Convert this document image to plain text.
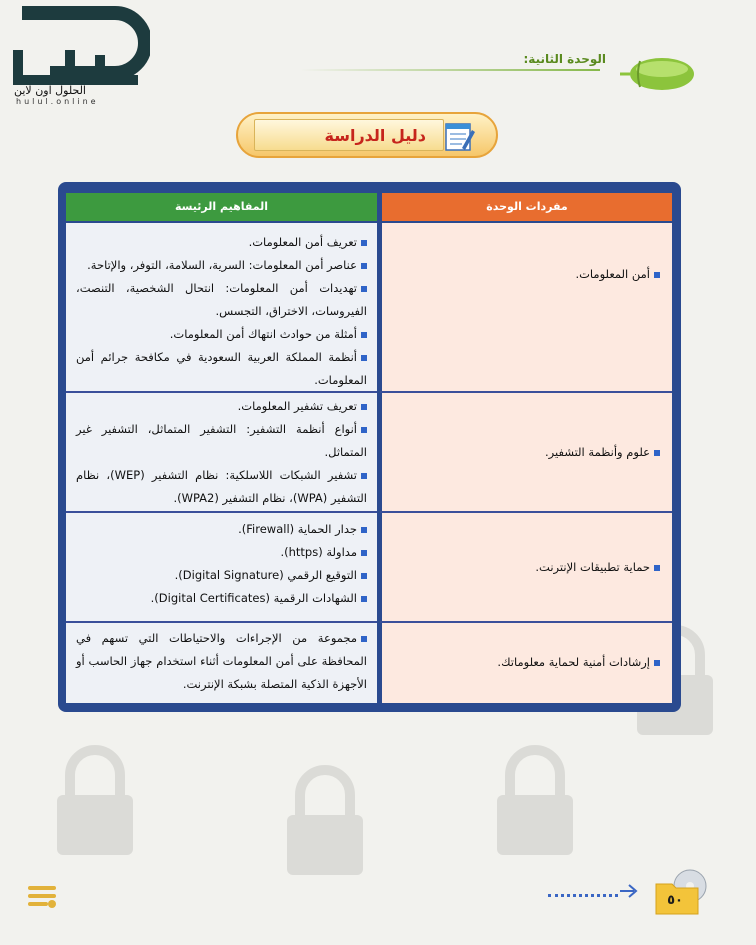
الحلول اون لاين
hulul.online
الوحدة الثانية:
دليل الدراسة
مفردات الوحدة
المفاهيم الرئيسة
أمن المعلومات.
تعريف أمن المعلومات.
عناصر أمن المعلومات: السرية، السلامة، التوفر، والإتاحة.
تهديدات أمن المعلومات: انتحال الشخصية، التنصت، الفيروسات، الاختراق، التجسس.
أمثلة من حوادث انتهاك أمن المعلومات.
أنظمة المملكة العربية السعودية في مكافحة جرائم أمن المعلومات.
علوم وأنظمة التشفير.
تعريف تشفير المعلومات.
أنواع أنظمة التشفير: التشفير المتماثل، التشفير غير المتماثل.
تشفير الشبكات اللاسلكية: نظام التشفير (WEP)، نظام التشفير (WPA)، نظام التشفير (WPA2).
حماية تطبيقات الإنترنت.
جدار الحماية (Firewall).
مداولة (https).
التوقيع الرقمي (Digital Signature).
الشهادات الرقمية (Digital Certificates).
إرشادات أمنية لحماية معلوماتك.
مجموعة من الإجراءات والاحتياطات التي تسهم في المحافظة على أمن المعلومات أثناء استخدام جهاز الحاسب أو الأجهزة الذكية المتصلة بشبكة الإنترنت.
٥٠
